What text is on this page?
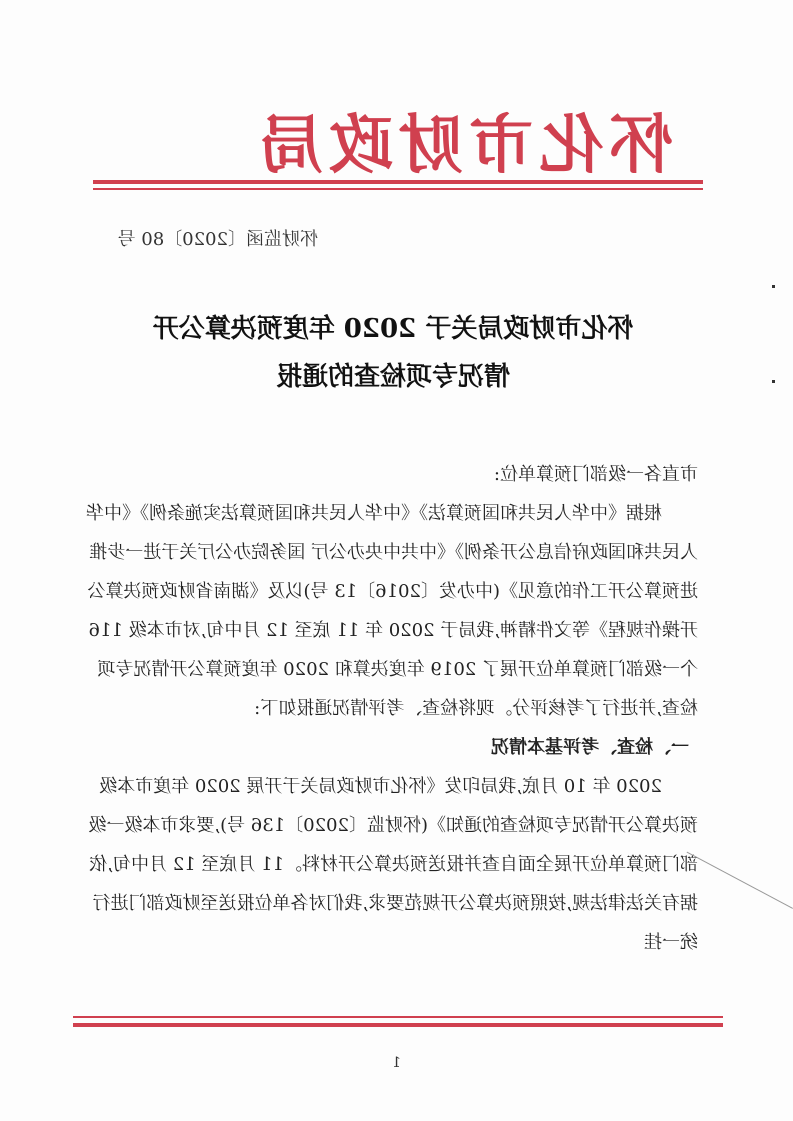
怀化市财政局
怀财监函〔2020〕80 号
怀化市财政局关于 2020 年度预决算公开
情况专项检查的通报

市直各一级部门预算单位:

根据《中华人民共和国预算法》《中华人民共和国预算法实施条例》《中华人民共和国政府信息公开条例》《中共中央办公厅 国务院办公厅关于进一步推进预算公开工作的意见》(中办发〔2016〕13 号)以及《湖南省财政预决算公开操作规程》等文件精神,我局于 2020 年 11 底至 12 月中旬,对市本级 116 个一级部门预算单位开展了 2019 年度决算和 2020 年度预算公开情况专项检查,并进行了考核评分。现将检查、考评情况通报如下:

一、检查、考评基本情况

2020 年 10 月底,我局印发《怀化市财政局关于开展 2020 年度市本级预决算公开情况专项检查的通知》(怀财监〔2020〕136 号),要求市本级一级部门预算单位开展全面自查并报送预决算公开材料。11 月底至 12 月中旬,依据有关法律法规,按照预决算公开规范要求,我们对各单位报送至财政部门进行统一挂

1
